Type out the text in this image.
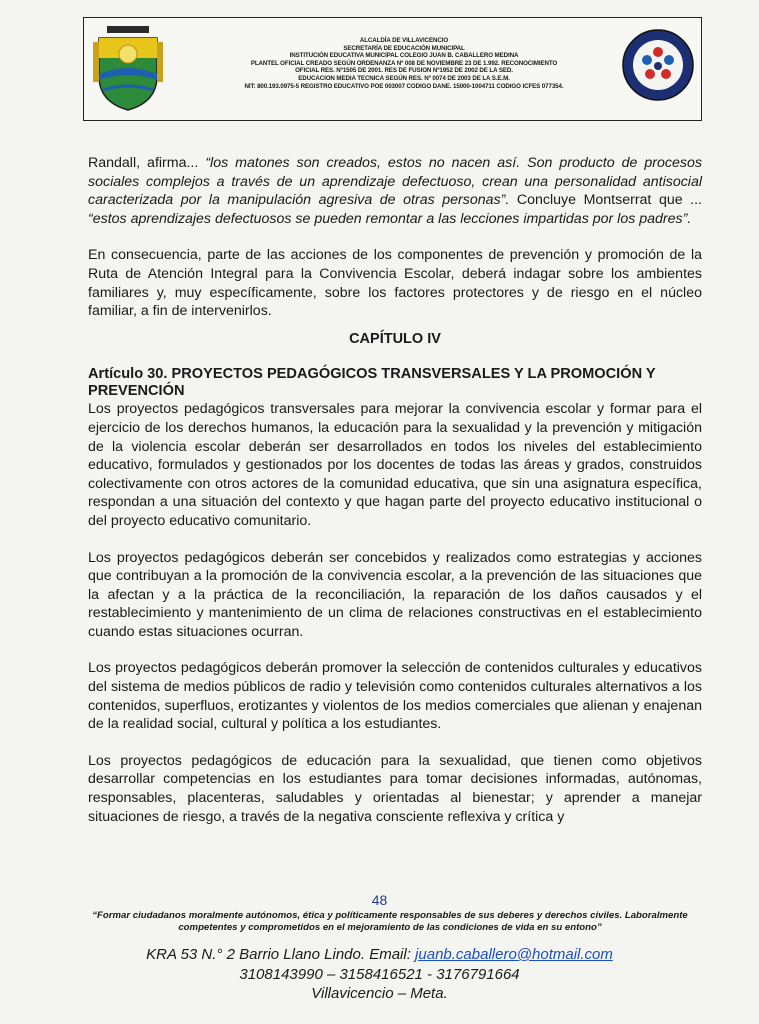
ALCALDÍA DE VILLAVICENCIO
SECRETARÍA DE EDUCACIÓN MUNICIPAL
INSTITUCIÓN EDUCATIVA MUNICIPAL COLEGIO JUAN B. CABALLERO MEDINA
PLANTEL OFICIAL CREADO SEGÚN ORDENANZA Nº 008 DE NOVIEMBRE 23 DE 1.992. RECONOCIMIENTO
OFICIAL RES. Nº1505 DE 2001. RES DE FUSION Nº1952 DE 2002 DE LA SED.
EDUCACION MEDIA TECNICA SEGÚN RES. Nº 0074 DE 2003 DE LA S.E.M.
NIT: 800.193.0975-5 REGISTRO EDUCATIVO POE 003007 CODIGO DANE. 15000-1004711 CODIGO ICFES 077354.

Randall, afirma... “los matones son creados, estos no nacen así. Son producto de procesos sociales complejos a través de un aprendizaje defectuoso, crean una personalidad antisocial caracterizada por la manipulación agresiva de otras personas”. Concluye Montserrat que ... “estos aprendizajes defectuosos se pueden remontar a las lecciones impartidas por los padres”.

En consecuencia, parte de las acciones de los componentes de prevención y promoción de la Ruta de Atención Integral para la Convivencia Escolar, deberá indagar sobre los ambientes familiares y, muy específicamente, sobre los factores protectores y de riesgo en el núcleo familiar, a fin de intervenirlos.

CAPÍTULO IV

Artículo 30. PROYECTOS PEDAGÓGICOS TRANSVERSALES Y LA PROMOCIÓN Y PREVENCIÓN

Los proyectos pedagógicos transversales para mejorar la convivencia escolar y formar para el ejercicio de los derechos humanos, la educación para la sexualidad y la prevención y mitigación de la violencia escolar deberán ser desarrollados en todos los niveles del establecimiento educativo, formulados y gestionados por los docentes de todas las áreas y grados, construidos colectivamente con otros actores de la comunidad educativa, que sin una asignatura específica, respondan a una situación del contexto y que hagan parte del proyecto educativo institucional o del proyecto educativo comunitario.

Los proyectos pedagógicos deberán ser concebidos y realizados como estrategias y acciones que contribuyan a la promoción de la convivencia escolar, a la prevención de las situaciones que la afectan y a la práctica de la reconciliación, la reparación de los daños causados y el restablecimiento y mantenimiento de un clima de relaciones constructivas en el establecimiento cuando estas situaciones ocurran.

Los proyectos pedagógicos deberán promover la selección de contenidos culturales y educativos del sistema de medios públicos de radio y televisión como contenidos culturales alternativos a los contenidos, superfluos, erotizantes y violentos de los medios comerciales que alienan y enajenan de la realidad social, cultural y política a los estudiantes.

Los proyectos pedagógicos de educación para la sexualidad, que tienen como objetivos desarrollar competencias en los estudiantes para tomar decisiones informadas, autónomas, responsables, placenteras, saludables y orientadas al bienestar; y aprender a manejar situaciones de riesgo, a través de la negativa consciente reflexiva y crítica y

48
“Formar ciudadanos moralmente autónomos, ética y políticamente responsables de sus deberes y derechos civiles. Laboralmente
competentes y comprometidos en el mejoramiento de las condiciones de vida en su entono”
KRA 53 N.° 2 Barrio Llano Lindo. Email: juanb.caballero@hotmail.com
3108143990 – 3158416521 - 3176791664
Villavicencio – Meta.
